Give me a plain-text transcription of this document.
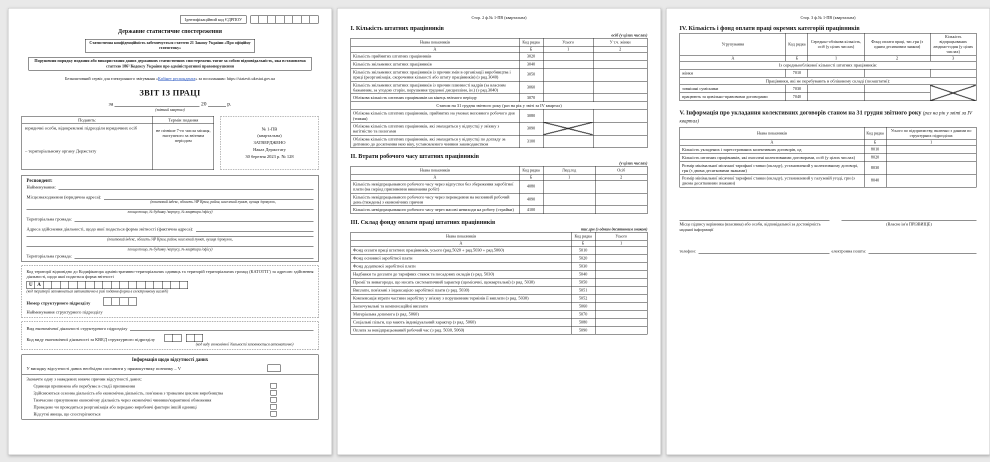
Ідентифікаційний код ЄДРПОУ
Державне статистичне спостереження
Статистична конфіденційність забезпечується статтею 21 Закону України «Про офіційну статистику»
Порушення порядку подання або використання даних державних статистичних спостережень тягне за собою відповідальність, яка встановлена статтею 186³ Кодексу України про адміністративні правопорушення
Безкоштовний сервіс для електронного звітування «Кабінет респондента» за посиланням: https://statzvit.ukrstat.gov.ua
ЗВІТ ІЗ ПРАЦІ
за	20 р.
(звітний квартал)
Подають:	Термін подання

юридичні особи, відокремлені підрозділи юридичних осіб
– територіальному органу Держстату	не пізніше 7-го числа місяця, наступного за звітним періодом
№ 1-ПВ
(квартальна)
ЗАТВЕРДЖЕНО
Наказ Держстату
30 березня 2023 р. № 128
Респондент:
Найменування:
Місцезнаходження (юридична адреса):
(поштовий індекс, область /АР Крим, район, населений пункт, вулиця /провулок,
площа тощо, № будинку /корпусу, № квартири /офісу)
Територіальна громада:
Адреса здійснення діяльності, щодо якої подається форма звітності (фактична адреса):
(поштовий індекс, область /АР Крим, район, населений пункт, вулиця /провулок,
площа тощо, № будинку /корпусу, № квартири /офісу)
Територіальна громада:
Код території відповідно до Кодифікатора адміністративно-територіальних одиниць та територій територіальних громад (КАТОТТГ) за адресою здійснення діяльності, щодо якої подається форма звітності
U A
(код території заповнюється автоматично в разі подання форми в електронному вигляді)
Номер структурного підрозділу
Найменування структурного підрозділу
Вид економічної діяльності структурного підрозділу
Код виду економічної діяльності за КВЕД структурного підрозділу
(код виду економічної діяльності заповнюється автоматично)
Інформація щодо відсутності даних
У випадку відсутності даних необхідно поставити у прямокутнику позначку – V
Зазначте одну з наведених нижче причин відсутності даних:
Одиниця припинена або перебуває в стадії припинення
Здійснюються сезонна діяльність або економічна діяльність, пов'язана з тривалим циклом виробництва
Тимчасово призупинено економічну діяльність через економічні чинники/карантинні обмеження
Проведено чи проводиться реорганізація або передано виробничі фактори іншій одиниці
Відсутні явища, що спостерігаються
Стор. 2 ф.№ 1-ПВ (квартальна)
І. Кількість штатних працівників
осіб (у цілих числах)
Назва показників	Код рядка	Усього	У т.ч. жінки
А	Б	1	2
Кількість прийнятих штатних працівників	3020		
Кількість звільнених штатних працівників	3040		
Кількість звільнених штатних працівників із причин змін в організації виробництва і праці (реорганізація, скорочення кількості або штату працівників) (з ряд.3040)	3050		
Кількість звільнених штатних працівників із причин плинності кадрів (за власним бажанням, за угодою сторін, порушення трудової дисципліни, ін.) (з ряд.3040)	3060		
Облікова кількість штатних працівників на кінець звітного періоду	3070		
Станом на 31 грудня звітного року (раз на рік у звіті за IV квартал)			
Облікова кількість штатних працівників, прийнятих на умовах неповного робочого дня (тижня)	3080		
Облікова кількість штатних працівників, які знаходяться у відпустці у зв'язку з вагітністю та пологами	3090		
Облікова кількість штатних працівників, які знаходяться у відпустці по догляду за дитиною до досягнення нею віку, установленого чинним законодавством	3100		
ІІ. Втрати робочого часу штатних працівників
(у цілих числах)
Назва показників	Код рядка	Люд.год	Осіб
А	Б	1	2
Кількість невідпрацьованого робочого часу через відпустки без збереження заробітної плати (на період припинення виконання робіт)	4080		
Кількість невідпрацьованого робочого часу через переведення на неповний робочий день (тиждень) з економічних причин	4090		
Кількість невідпрацьованого робочого часу через масові невиходи на роботу (страйки)	4100		
ІІІ. Склад фонду оплати праці штатних працівників
тис.грн (з одним десятковим знаком)
Назва показників	Код рядка	Усього
А	Б	1
Фонд оплати праці штатних працівників, усього (ряд.5020 + ряд.5030 + ряд.5060)	5010	
Фонд основної заробітної плати	5020	
Фонд додаткової заробітної плати	5030	
Надбавки та доплати до тарифних ставок та посадових окладів (з ряд. 5030)	5040	
Премії та винагороди, що носять систематичний характер (щомісячні, щоквартальні) (з ряд. 5030)	5050	
Виплати, пов'язані з індексацією заробітної плати (з ряд. 5030)	5051	
Компенсація втрати частини заробітку у зв'язку з порушенням термінів її виплати (з ряд. 5030)	5052	
Заохочувальні та компенсаційні виплати	5060	
Матеріальна допомога (з ряд. 5060)	5070	
Соціальні пільги, що мають індивідуальний характер (з ряд. 5060)	5080	
Оплата за невідпрацьований робочий час (з ряд. 5030, 5060)	5090	
Стор. 3 ф.№ 1-ПВ (квартальна)
IV. Кількість і фонд оплати праці окремих категорій працівників
Угрупування	Код рядка	Середньо-облікова кількість, осіб (у цілих числах)	Фонд оплати праці, тис.грн (з одним десятковим знаком)	Кількість відпрацьованих людино-годин (у цілих числах)
А	Б	1	2	3
Із середньооблікової кількості штатних працівників:				
жінки	7010			
Працівники, які не перебувають в обліковому складі (позаштатні):				
зовнішні сумісники	7030			
працюють за цивільно-правовими договорами	7040			
V. Інформація про укладання колективних договорів станом на 31 грудня звітного року (раз на рік у звіті за IV квартал)
Назва показників	Код рядка	Усього по підприємству, включно з даними по структурних підрозділах
А	Б	1
Кількість укладених і зареєстрованих колективних договорів, од	8010	
Кількість штатних працівників, які охоплені колективними договорами, осіб (у цілих числах)	8020	
Розмір мінімальної місячної тарифної ставки (окладу), установлений у колективному договорі, грн (з двома десятковими знаками)	8030	
Розмір мінімальної місячної тарифної ставки (окладу), установлений у галузевій угоді, грн (з двома десятковими знаками)	8040	
Місце підпису керівника (власника) або особи, відповідальної за достовірність наданої інформації
(Власне ім'я ПРІЗВИЩЕ)
телефон:	електронна пошта:
